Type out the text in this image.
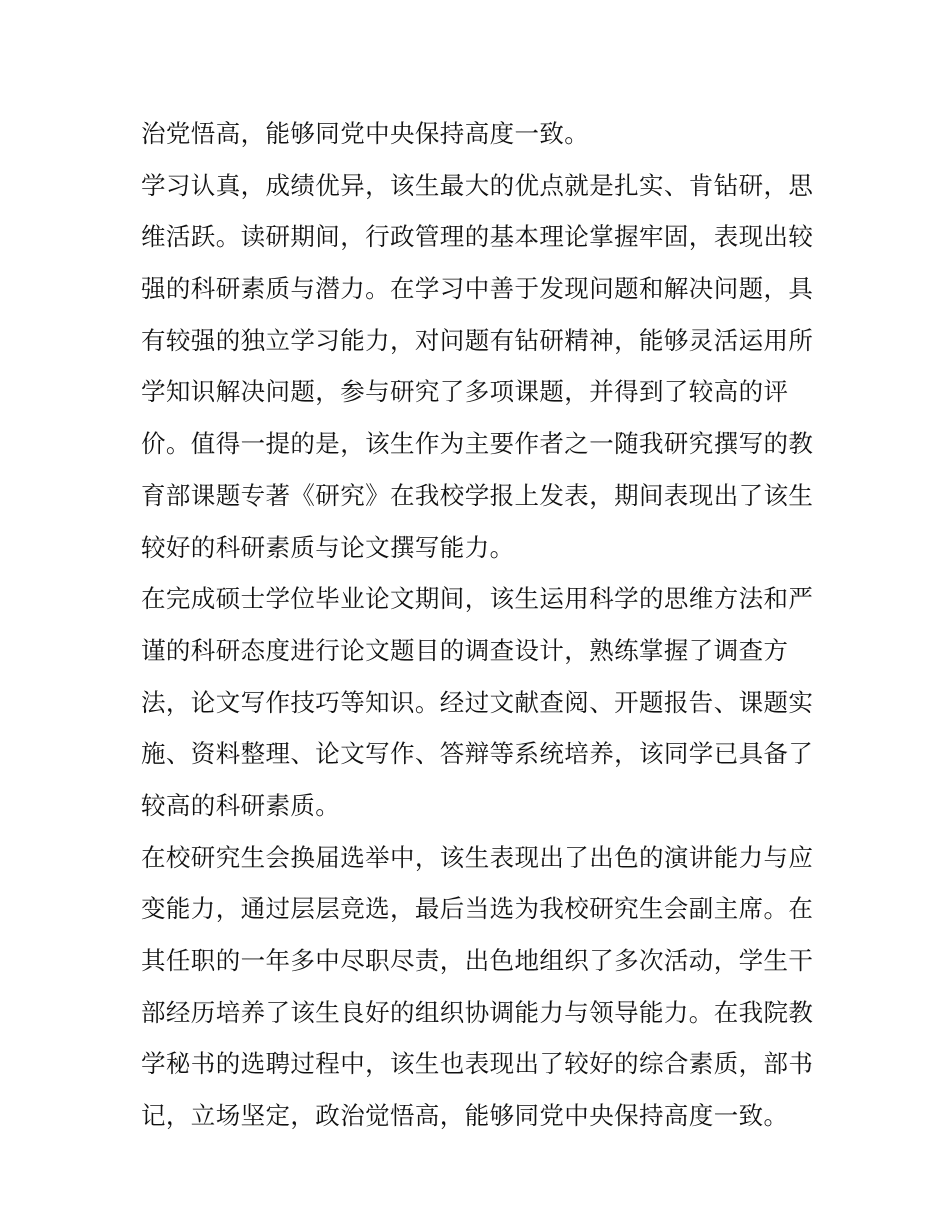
治党悟高，能够同党中央保持高度一致。
学习认真，成绩优异，该生最大的优点就是扎实、肯钻研，思
维活跃。读研期间，行政管理的基本理论掌握牢固，表现出较
强的科研素质与潜力。在学习中善于发现问题和解决问题，具
有较强的独立学习能力，对问题有钻研精神，能够灵活运用所
学知识解决问题，参与研究了多项课题，并得到了较高的评
价。值得一提的是，该生作为主要作者之一随我研究撰写的教
育部课题专著《研究》在我校学报上发表，期间表现出了该生
较好的科研素质与论文撰写能力。
在完成硕士学位毕业论文期间，该生运用科学的思维方法和严
谨的科研态度进行论文题目的调查设计，熟练掌握了调查方
法，论文写作技巧等知识。经过文献查阅、开题报告、课题实
施、资料整理、论文写作、答辩等系统培养，该同学已具备了
较高的科研素质。
在校研究生会换届选举中，该生表现出了出色的演讲能力与应
变能力，通过层层竞选，最后当选为我校研究生会副主席。在
其任职的一年多中尽职尽责，出色地组织了多次活动，学生干
部经历培养了该生良好的组织协调能力与领导能力。在我院教
学秘书的选聘过程中，该生也表现出了较好的综合素质，部书
记，立场坚定，政治觉悟高，能够同党中央保持高度一致。
